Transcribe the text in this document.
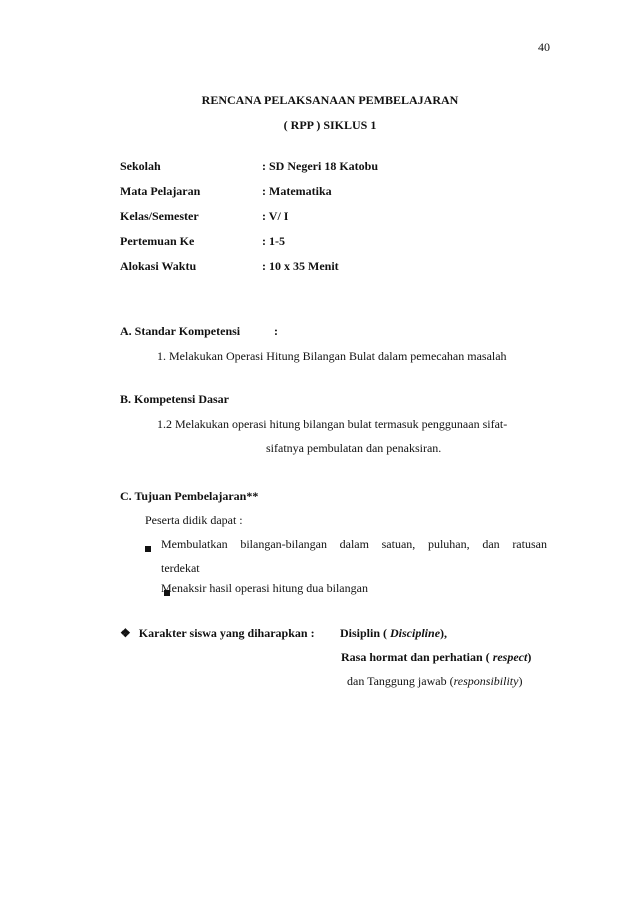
40
RENCANA PELAKSANAAN PEMBELAJARAN
( RPP ) SIKLUS 1
Sekolah	: SD Negeri 18 Katobu
Mata Pelajaran	: Matematika
Kelas/Semester	: V/ I
Pertemuan Ke	: 1-5
Alokasi Waktu	: 10 x 35 Menit
A. Standar Kompetensi	:
1. Melakukan Operasi Hitung Bilangan Bulat dalam pemecahan masalah
B. Kompetensi Dasar
1.2 Melakukan operasi hitung bilangan bulat termasuk penggunaan sifat-
sifatnya pembulatan dan penaksiran.
C. Tujuan Pembelajaran**
Peserta didik dapat :

Membulatkan bilangan-bilangan dalam satuan, puluhan, dan ratusan
terdekat
Menaksir hasil operasi hitung dua bilangan
❖ Karakter siswa yang diharapkan : Disiplin ( Discipline),
Rasa hormat dan perhatian ( respect)
dan Tanggung jawab (responsibility)
